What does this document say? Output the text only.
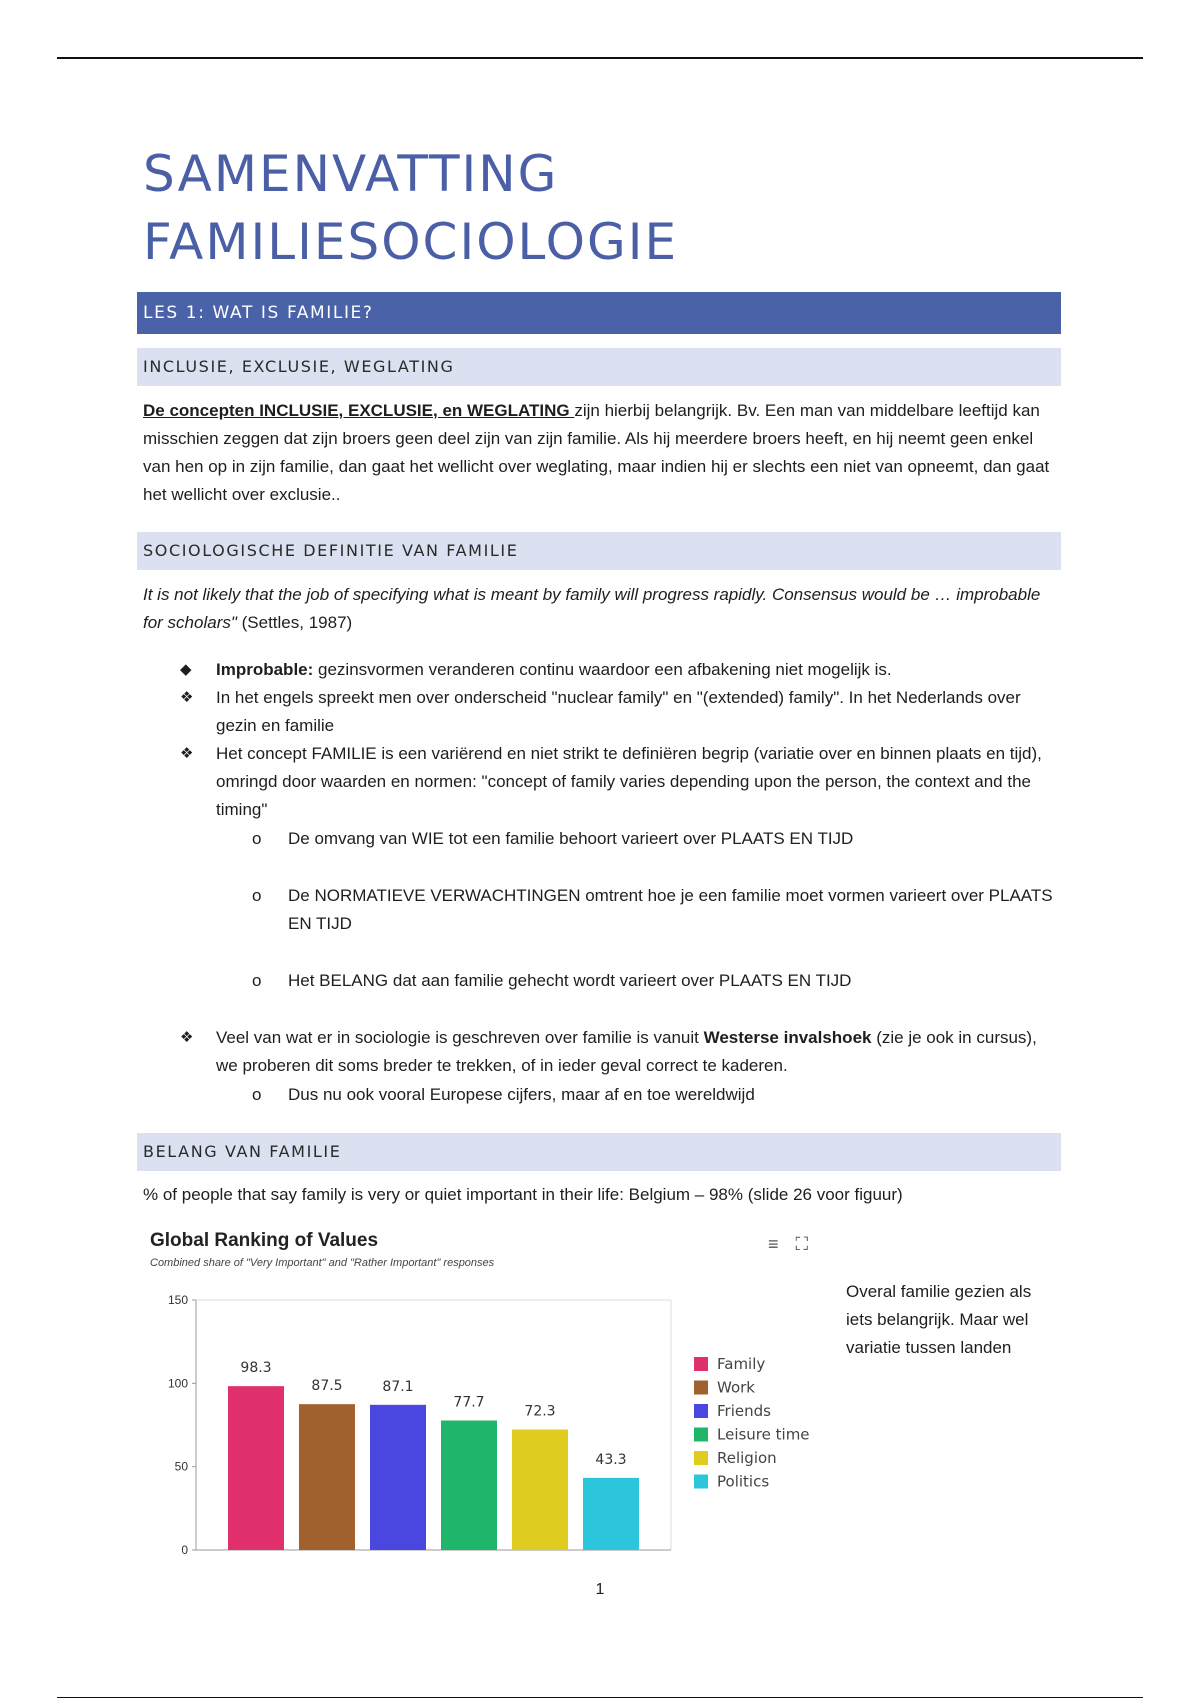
SAMENVATTING
FAMILIESOCIOLOGIE
LES 1: WAT IS FAMILIE?
INCLUSIE, EXCLUSIE, WEGLATING

De concepten INCLUSIE, EXCLUSIE, en WEGLATING zijn hierbij belangrijk. Bv. Een man van middelbare leeftijd kan misschien zeggen dat zijn broers geen deel zijn van zijn familie. Als hij meerdere broers heeft, en hij neemt geen enkel van hen op in zijn familie, dan gaat het wellicht over weglating, maar indien hij er slechts een niet van opneemt, dan gaat het wellicht over exclusie..

SOCIOLOGISCHE DEFINITIE VAN FAMILIE

It is not likely that the job of specifying what is meant by family will progress rapidly. Consensus would be … improbable for scholars" (Settles, 1987)

◆	Improbable: gezinsvormen veranderen continu waardoor een afbakening niet mogelijk is.
❖	In het engels spreekt men over onderscheid "nuclear family" en "(extended) family". In het Nederlands over gezin en familie
❖	Het concept FAMILIE is een variërend en niet strikt te definiëren begrip (variatie over en binnen plaats en tijd), omringd door waarden en normen: "concept of family varies depending upon the person, the context and the timing"
o De omvang van WIE tot een familie behoort varieert over PLAATS EN TIJD
o De NORMATIEVE VERWACHTINGEN omtrent hoe je een familie moet vormen varieert over PLAATS EN TIJD
o Het BELANG dat aan familie gehecht wordt varieert over PLAATS EN TIJD
❖	Veel van wat er in sociologie is geschreven over familie is vanuit Westerse invalshoek (zie je ook in cursus), we proberen dit soms breder te trekken, of in ieder geval correct te kaderen.
o Dus nu ook vooral Europese cijfers, maar af en toe wereldwijd
BELANG VAN FAMILIE

% of people that say family is very or quiet important in their life: Belgium – 98% (slide 26 voor figuur)

Global Ranking of Values
Combined share of "Very Important" and "Rather Important" responses
≡ ⛶
0
50
100
150
98.3
87.5	87.1
77.7
72.3
43.3
Family
Work
Friends
Leisure time
Religion
Politics
Overal familie gezien als iets belangrijk. Maar wel variatie tussen landen
1
